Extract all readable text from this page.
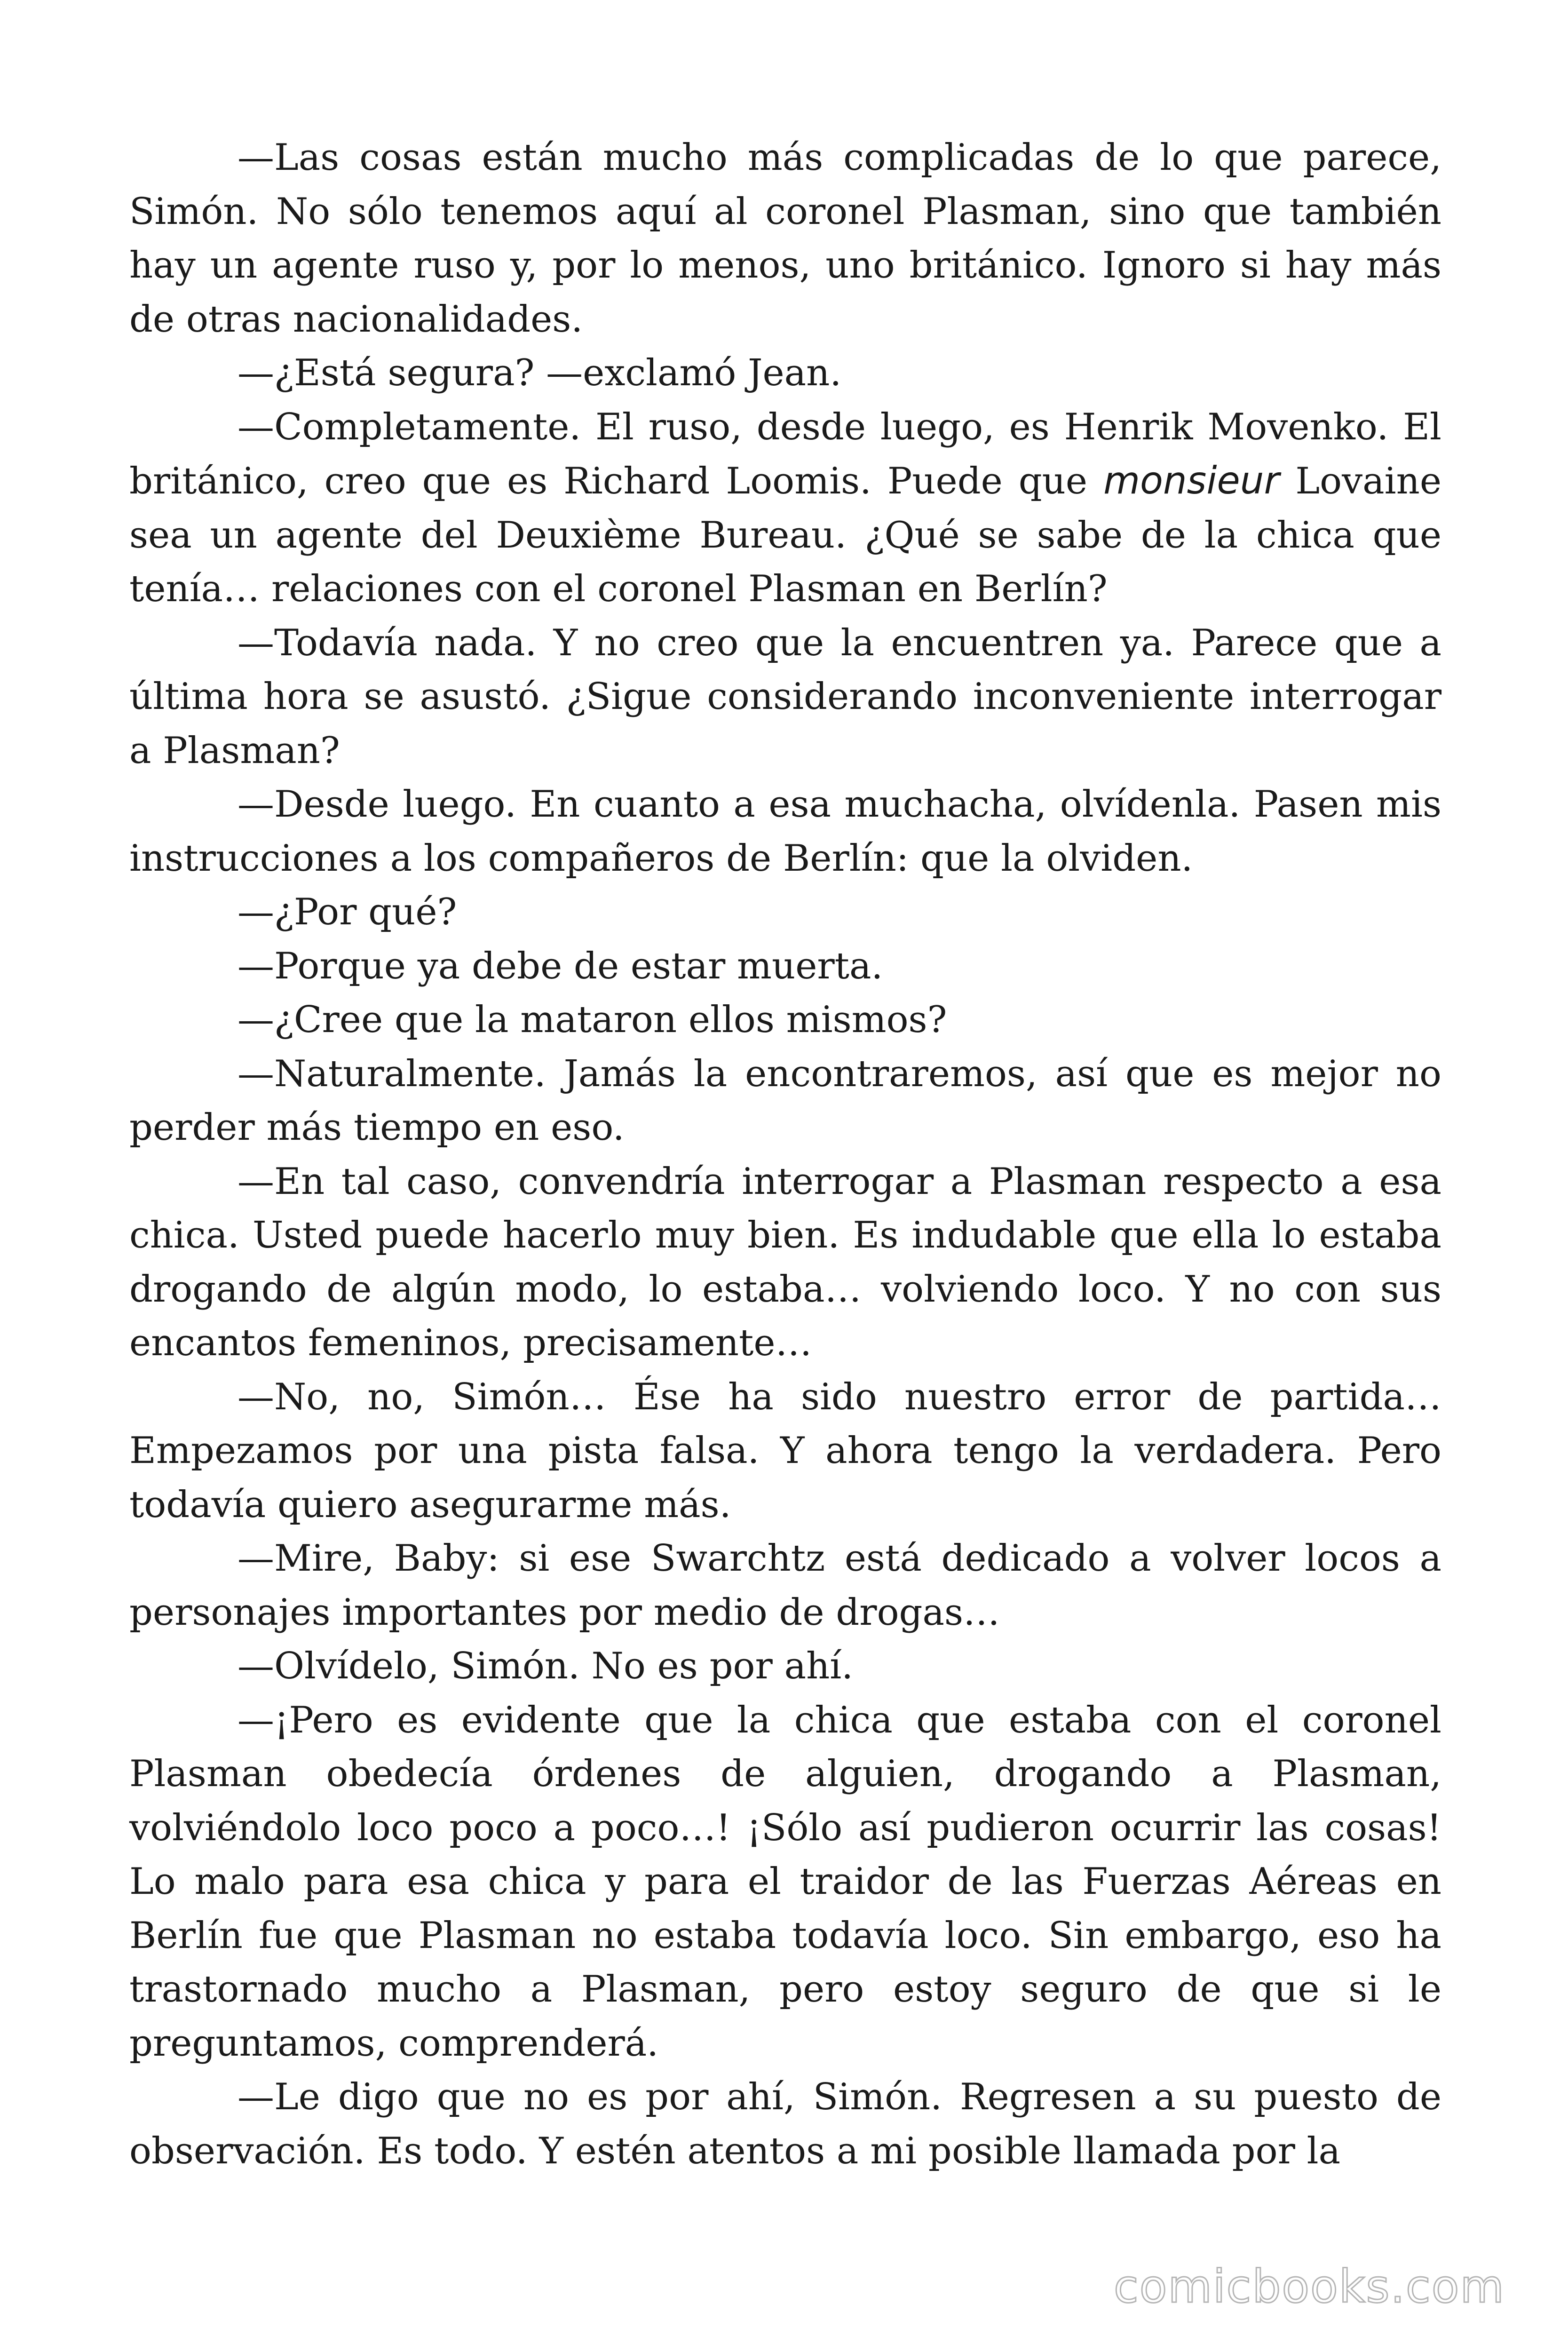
—Las cosas están mucho más complicadas de lo que parece, Simón. No sólo tenemos aquí al coronel Plasman, sino que también hay un agente ruso y, por lo menos, uno británico. Ignoro si hay más de otras nacionalidades.

—¿Está segura? —exclamó Jean.

—Completamente. El ruso, desde luego, es Henrik Movenko. El británico, creo que es Richard Loomis. Puede que monsieur Lovaine sea un agente del Deuxième Bureau. ¿Qué se sabe de la chica que tenía… relaciones con el coronel Plasman en Berlín?

—Todavía nada. Y no creo que la encuentren ya. Parece que a última hora se asustó. ¿Sigue considerando inconveniente interrogar a Plasman?

—Desde luego. En cuanto a esa muchacha, olvídenla. Pasen mis instrucciones a los compañeros de Berlín: que la olviden.

—¿Por qué?

—Porque ya debe de estar muerta.

—¿Cree que la mataron ellos mismos?

—Naturalmente. Jamás la encontraremos, así que es mejor no perder más tiempo en eso.

—En tal caso, convendría interrogar a Plasman respecto a esa chica. Usted puede hacerlo muy bien. Es indudable que ella lo estaba drogando de algún modo, lo estaba… volviendo loco. Y no con sus encantos femeninos, precisamente…

—No, no, Simón… Ése ha sido nuestro error de partida… Empezamos por una pista falsa. Y ahora tengo la verdadera. Pero todavía quiero asegurarme más.

—Mire, Baby: si ese Swarchtz está dedicado a volver locos a personajes importantes por medio de drogas…

—Olvídelo, Simón. No es por ahí.

—¡Pero es evidente que la chica que estaba con el coronel Plasman obedecía órdenes de alguien, drogando a Plasman, volviéndolo loco poco a poco…! ¡Sólo así pudieron ocurrir las cosas! Lo malo para esa chica y para el traidor de las Fuerzas Aéreas en Berlín fue que Plasman no estaba todavía loco. Sin embargo, eso ha trastornado mucho a Plasman, pero estoy seguro de que si le preguntamos, comprenderá.

—Le digo que no es por ahí, Simón. Regresen a su puesto de observación. Es todo. Y estén atentos a mi posible llamada por la

comicbooks.com
